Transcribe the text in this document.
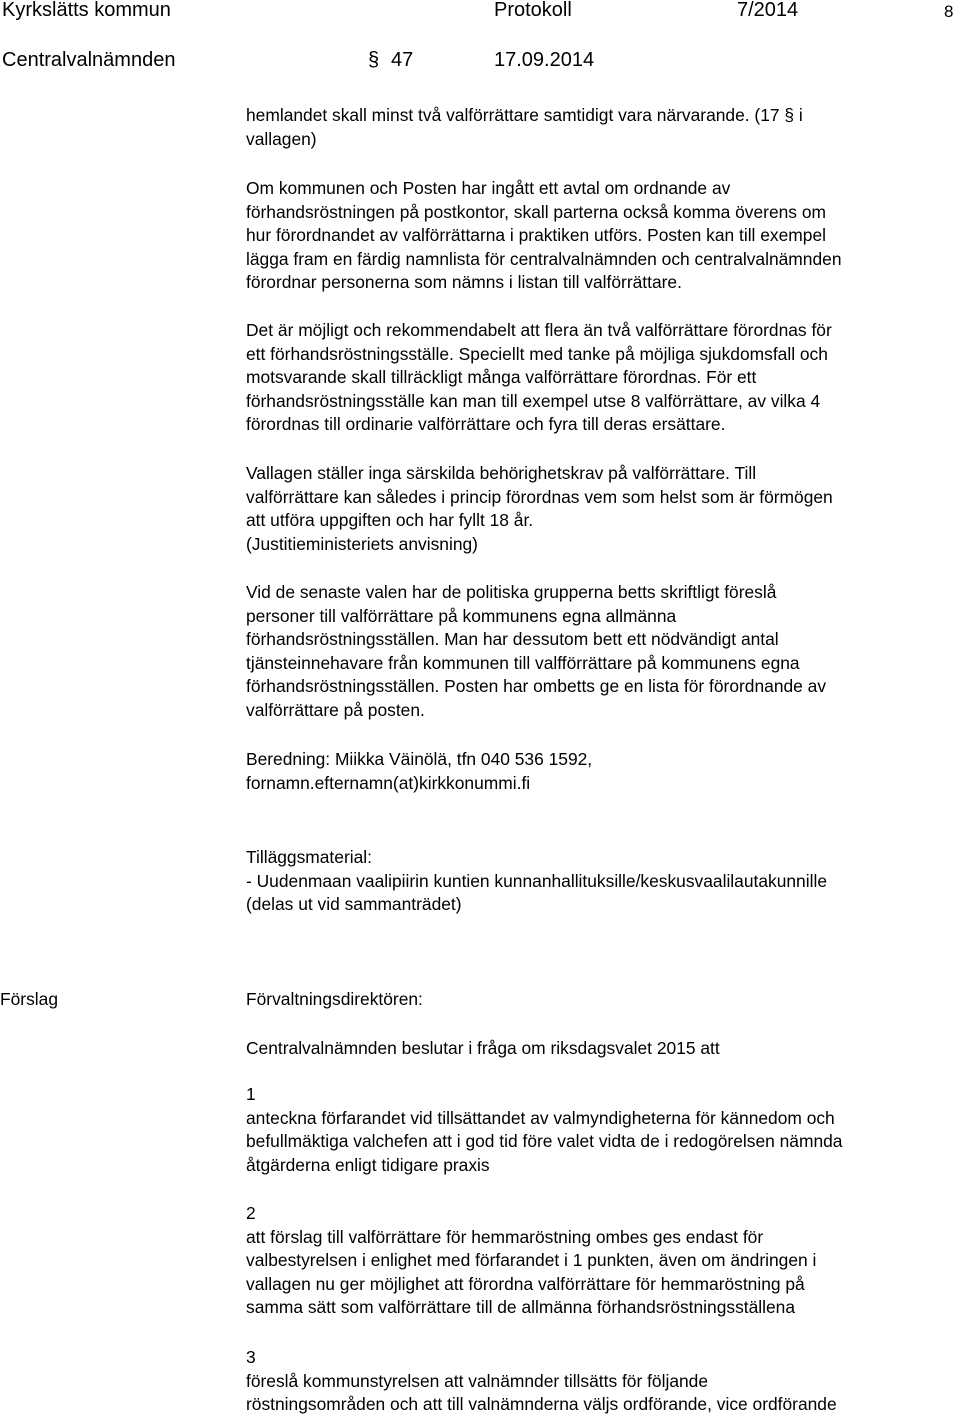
Kyrkslätts kommun	Protokoll	7/2014	8
Centralvalnämnden	§ 47	17.09.2014
hemlandet skall minst två valförrättare samtidigt vara närvarande. (17 § i
vallagen)
Om kommunen och Posten har ingått ett avtal om ordnande av
förhandsröstningen på postkontor, skall parterna också komma överens om
hur förordnandet av valförrättarna i praktiken utförs. Posten kan till exempel
lägga fram en färdig namnlista för centralvalnämnden och centralvalnämnden
förordnar personerna som nämns i listan till valförrättare.
Det är möjligt och rekommendabelt att flera än två valförrättare förordnas för
ett förhandsröstningsställe. Speciellt med tanke på möjliga sjukdomsfall och
motsvarande skall tillräckligt många valförrättare förordnas. För ett
förhandsröstningsställe kan man till exempel utse 8 valförrättare, av vilka 4
förordnas till ordinarie valförrättare och fyra till deras ersättare.
Vallagen ställer inga särskilda behörighetskrav på valförrättare. Till
valförrättare kan således i princip förordnas vem som helst som är förmögen
att utföra uppgiften och har fyllt 18 år.
(Justitieministeriets anvisning)
Vid de senaste valen har de politiska grupperna betts skriftligt föreslå
personer till valförrättare på kommunens egna allmänna
förhandsröstningsställen. Man har dessutom bett ett nödvändigt antal
tjänsteinnehavare från kommunen till valfförrättare på kommunens egna
förhandsröstningsställen. Posten har ombetts ge en lista för förordnande av
valförrättare på posten.
Beredning: Miikka Väinölä, tfn 040 536 1592,
fornamn.efternamn(at)kirkkonummi.fi
Tilläggsmaterial:
- Uudenmaan vaalipiirin kuntien kunnanhallituksille/keskusvaalilautakunnille
(delas ut vid sammanträdet)
Förslag	Förvaltningsdirektören:
Centralvalnämnden beslutar i fråga om riksdagsvalet 2015 att
1
anteckna förfarandet vid tillsättandet av valmyndigheterna för kännedom och
befullmäktiga valchefen att i god tid före valet vidta de i redogörelsen nämnda
åtgärderna enligt tidigare praxis
2
att förslag till valförrättare för hemmaröstning ombes ges endast för
valbestyrelsen i enlighet med förfarandet i 1 punkten, även om ändringen i
vallagen nu ger möjlighet att förordna valförrättare för hemmaröstning på
samma sätt som valförrättare till de allmänna förhandsröstningsställena
3
föreslå kommunstyrelsen att valnämnder tillsätts för följande
röstningsområden och att till valnämnderna väljs ordförande, vice ordförande
